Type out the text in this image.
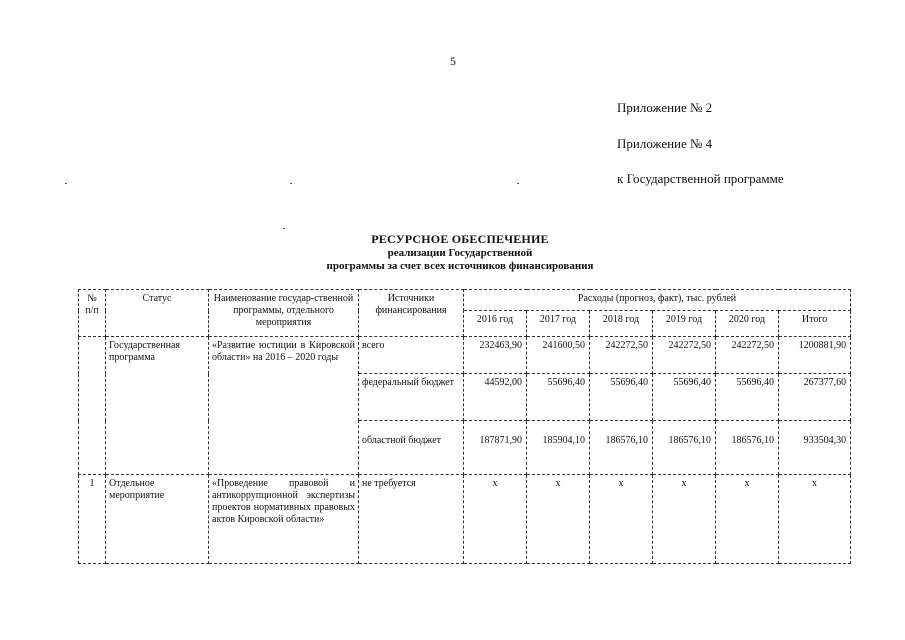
5
Приложение № 2
Приложение № 4
к Государственной программе
РЕСУРСНОЕ ОБЕСПЕЧЕНИЕ
реализации Государственной
программы за счет всех источников финансирования
№ п/п	Статус	Наименование государ-ственной программы, отдельного мероприятия	Источники финансирования	Расходы (прогноз, факт), тыс. рублей					
				2016 год	2017 год	2018 год	2019 год	2020 год	Итого
	Государственная программа	«Развитие юстиции в Кировской области» на 2016 – 2020 годы	всего	232463,90	241600,50	242272,50	242272,50	242272,50	1200881,90
			федеральный бюджет	44592,00	55696,40	55696,40	55696,40	55696,40	267377,60
			областной бюджет	187871,90	185904,10	186576,10	186576,10	186576,10	933504,30
1	Отдельное мероприятие	«Проведение правовой и антикоррупционной экспертизы проектов нормативных правовых актов Кировской области»	не требуется	х	х	х	х	х	х
